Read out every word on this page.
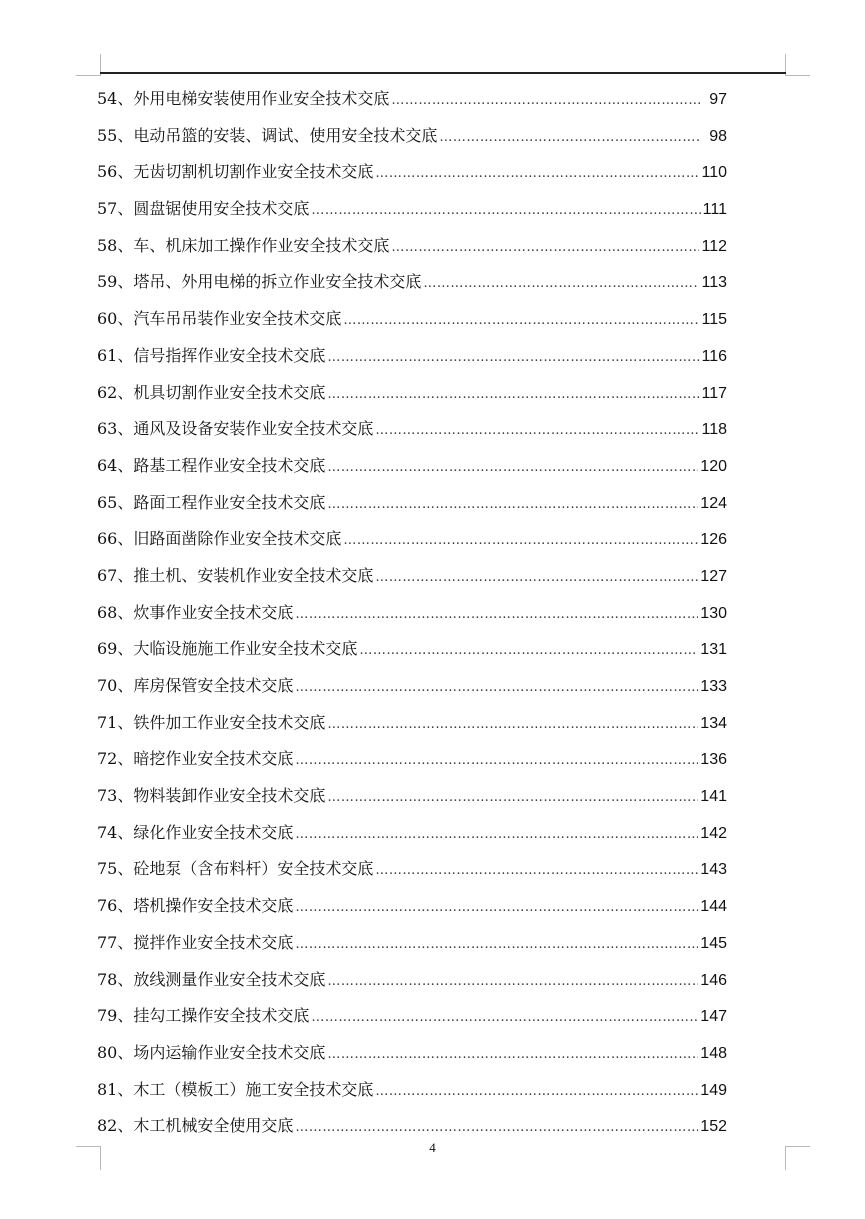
54、 外用电梯安装使用作业安全技术交底 ……………………………………………………………………………………………………………………………………………………………………	97
55、 电动吊篮的安装、调试、使用安全技术交底 ……………………………………………………………………………………………………………………………………………………………………	98
56、 无齿切割机切割作业安全技术交底 ……………………………………………………………………………………………………………………………………………………………………	110
57、 圆盘锯使用安全技术交底 ……………………………………………………………………………………………………………………………………………………………………	111
58、 车、机床加工操作作业安全技术交底 ……………………………………………………………………………………………………………………………………………………………………	112
59、 塔吊、外用电梯的拆立作业安全技术交底 ……………………………………………………………………………………………………………………………………………………………………	113
60、 汽车吊吊装作业安全技术交底 ……………………………………………………………………………………………………………………………………………………………………	115
61、 信号指挥作业安全技术交底 ……………………………………………………………………………………………………………………………………………………………………	116
62、 机具切割作业安全技术交底 ……………………………………………………………………………………………………………………………………………………………………	117
63、 通风及设备安装作业安全技术交底 ……………………………………………………………………………………………………………………………………………………………………	118
64、 路基工程作业安全技术交底 ……………………………………………………………………………………………………………………………………………………………………	120
65、 路面工程作业安全技术交底 ……………………………………………………………………………………………………………………………………………………………………	124
66、 旧路面凿除作业安全技术交底 ……………………………………………………………………………………………………………………………………………………………………	126
67、 推土机、安装机作业安全技术交底 ……………………………………………………………………………………………………………………………………………………………………	127
68、 炊事作业安全技术交底 ……………………………………………………………………………………………………………………………………………………………………	130
69、 大临设施施工作业安全技术交底 ……………………………………………………………………………………………………………………………………………………………………	131
70、 库房保管安全技术交底 ……………………………………………………………………………………………………………………………………………………………………	133
71、 铁件加工作业安全技术交底 ……………………………………………………………………………………………………………………………………………………………………	134
72、 暗挖作业安全技术交底 ……………………………………………………………………………………………………………………………………………………………………	136
73、 物料装卸作业安全技术交底 ……………………………………………………………………………………………………………………………………………………………………	141
74、 绿化作业安全技术交底 ……………………………………………………………………………………………………………………………………………………………………	142
75、 砼地泵（含布料杆）安全技术交底 ……………………………………………………………………………………………………………………………………………………………………	143
76、 塔机操作安全技术交底 ……………………………………………………………………………………………………………………………………………………………………	144
77、 搅拌作业安全技术交底 ……………………………………………………………………………………………………………………………………………………………………	145
78、 放线测量作业安全技术交底 ……………………………………………………………………………………………………………………………………………………………………	146
79、 挂勾工操作安全技术交底 ……………………………………………………………………………………………………………………………………………………………………	147
80、 场内运输作业安全技术交底 ……………………………………………………………………………………………………………………………………………………………………	148
81、 木工（模板工）施工安全技术交底 ……………………………………………………………………………………………………………………………………………………………………	149
82、 木工机械安全使用交底 ……………………………………………………………………………………………………………………………………………………………………	152
4
